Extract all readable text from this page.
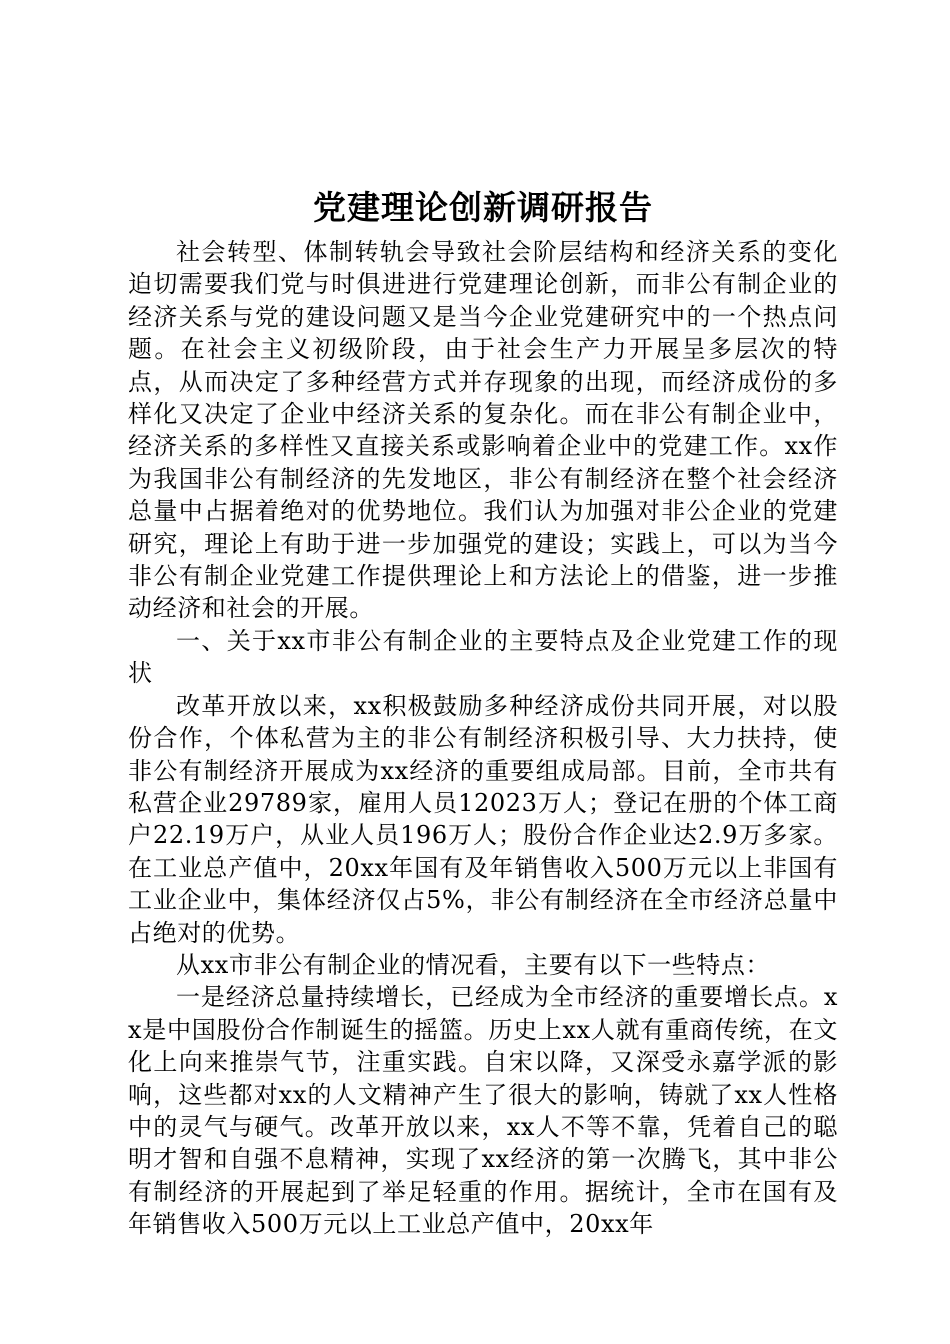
党建理论创新调研报告

社会转型、体制转轨会导致社会阶层结构和经济关系的变化迫切需要我们党与时俱进进行党建理论创新，而非公有制企业的经济关系与党的建设问题又是当今企业党建研究中的一个热点问题。在社会主义初级阶段，由于社会生产力开展呈多层次的特点，从而决定了多种经营方式并存现象的出现，而经济成份的多样化又决定了企业中经济关系的复杂化。而在非公有制企业中，经济关系的多样性又直接关系或影响着企业中的党建工作。xx作为我国非公有制经济的先发地区，非公有制经济在整个社会经济总量中占据着绝对的优势地位。我们认为加强对非公企业的党建研究，理论上有助于进一步加强党的建设；实践上，可以为当今非公有制企业党建工作提供理论上和方法论上的借鉴，进一步推动经济和社会的开展。

一、关于xx市非公有制企业的主要特点及企业党建工作的现状

改革开放以来，xx积极鼓励多种经济成份共同开展，对以股份合作，个体私营为主的非公有制经济积极引导、大力扶持，使非公有制经济开展成为xx经济的重要组成局部。目前，全市共有私营企业29789家，雇用人员12023万人；登记在册的个体工商户22.19万户，从业人员196万人；股份合作企业达2.9万多家。在工业总产值中，20xx年国有及年销售收入500万元以上非国有工业企业中，集体经济仅占5%，非公有制经济在全市经济总量中占绝对的优势。

从xx市非公有制企业的情况看，主要有以下一些特点：

一是经济总量持续增长，已经成为全市经济的重要增长点。xx是中国股份合作制诞生的摇篮。历史上xx人就有重商传统，在文化上向来推崇气节，注重实践。自宋以降，又深受永嘉学派的影响，这些都对xx的人文精神产生了很大的影响，铸就了xx人性格中的灵气与硬气。改革开放以来，xx人不等不靠，凭着自己的聪明才智和自强不息精神，实现了xx经济的第一次腾飞，其中非公有制经济的开展起到了举足轻重的作用。据统计，全市在国有及年销售收入500万元以上工业总产值中，20xx年
